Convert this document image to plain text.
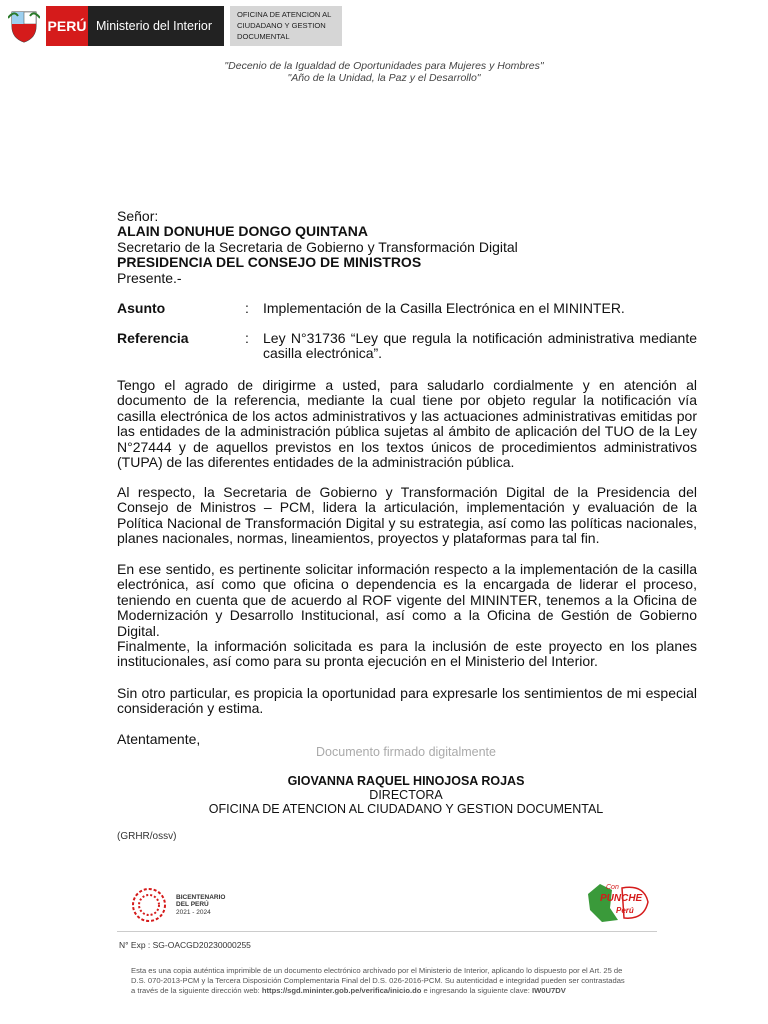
PERÚ Ministerio del Interior
OFICINA DE ATENCION AL
CIUDADANO Y GESTION
DOCUMENTAL
"Decenio de la Igualdad de Oportunidades para Mujeres y Hombres"
"Año de la Unidad, la Paz y el Desarrollo"
Señor:
ALAIN DONUHUE DONGO QUINTANA
Secretario de la Secretaria de Gobierno y Transformación Digital
PRESIDENCIA DEL CONSEJO DE MINISTROS
Presente.-
Asunto	:	Implementación de la Casilla Electrónica en el MININTER.
Referencia	:	Ley N°31736 “Ley que regula la notificación administrativa mediante casilla electrónica”.
Tengo el agrado de dirigirme a usted, para saludarlo cordialmente y en atención al documento de la referencia, mediante la cual tiene por objeto regular la notificación vía casilla electrónica de los actos administrativos y las actuaciones administrativas emitidas por las entidades de la administración pública sujetas al ámbito de aplicación del TUO de la Ley N°27444 y de aquellos previstos en los textos únicos de procedimientos administrativos (TUPA) de las diferentes entidades de la administración pública.
Al respecto, la Secretaria de Gobierno y Transformación Digital de la Presidencia del Consejo de Ministros – PCM, lidera la articulación, implementación y evaluación de la Política Nacional de Transformación Digital y su estrategia, así como las políticas nacionales, planes nacionales, normas, lineamientos, proyectos y plataformas para tal fin.
En ese sentido, es pertinente solicitar información respecto a la implementación de la casilla electrónica, así como que oficina o dependencia es la encargada de liderar el proceso, teniendo en cuenta que de acuerdo al ROF vigente del MININTER, tenemos a la Oficina de Modernización y Desarrollo Institucional, así como a la Oficina de Gestión de Gobierno Digital.
Finalmente, la información solicitada es para la inclusión de este proyecto en los planes institucionales, así como para su pronta ejecución en el Ministerio del Interior.
Sin otro particular, es propicia la oportunidad para expresarle los sentimientos de mi especial consideración y estima.
Atentamente,
Documento firmado digitalmente
GIOVANNA RAQUEL HINOJOSA ROJAS
DIRECTORA
OFICINA DE ATENCION AL CIUDADANO Y GESTION DOCUMENTAL
(GRHR/ossv)
BICENTENARIO
DEL PERÚ
2021 - 2024
Con
PUNCHE
Perú
N° Exp : SG-OACGD20230000255
Esta es una copia auténtica imprimible de un documento electrónico archivado por el Ministerio de Interior, aplicando lo dispuesto por el Art. 25 de
D.S. 070-2013-PCM y la Tercera Disposición Complementaria Final del D.S. 026-2016-PCM. Su autenticidad e integridad pueden ser contrastadas
a través de la siguiente dirección web: https://sgd.mininter.gob.pe/verifica/inicio.do e ingresando la siguiente clave: IW0U7DV
